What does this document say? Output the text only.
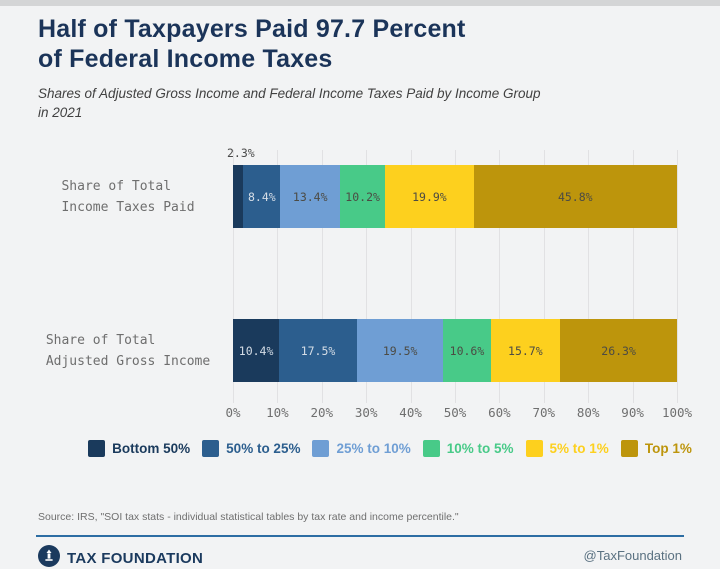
Half of Taxpayers Paid 97.7 Percent
of Federal Income Taxes
Shares of Adjusted Gross Income and Federal Income Taxes Paid by Income Group
in 2021
Share of Total
Income Taxes Paid
8.4% 13.4% 10.2%	19.9%	45.8%
2.3%
Share of Total
Adjusted Gross Income
10.4% 17.5%	19.5%	10.6% 15.7%	26.3%
0% 10% 20% 30% 40% 50% 60% 70% 80% 90% 100%
Bottom 50%	50% to 25%	25% to 10%	10% to 5%	5% to 1%	Top 1%
Source: IRS, "SOI tax stats - individual statistical tables by tax rate and income percentile."
TAX FOUNDATION	@TaxFoundation
